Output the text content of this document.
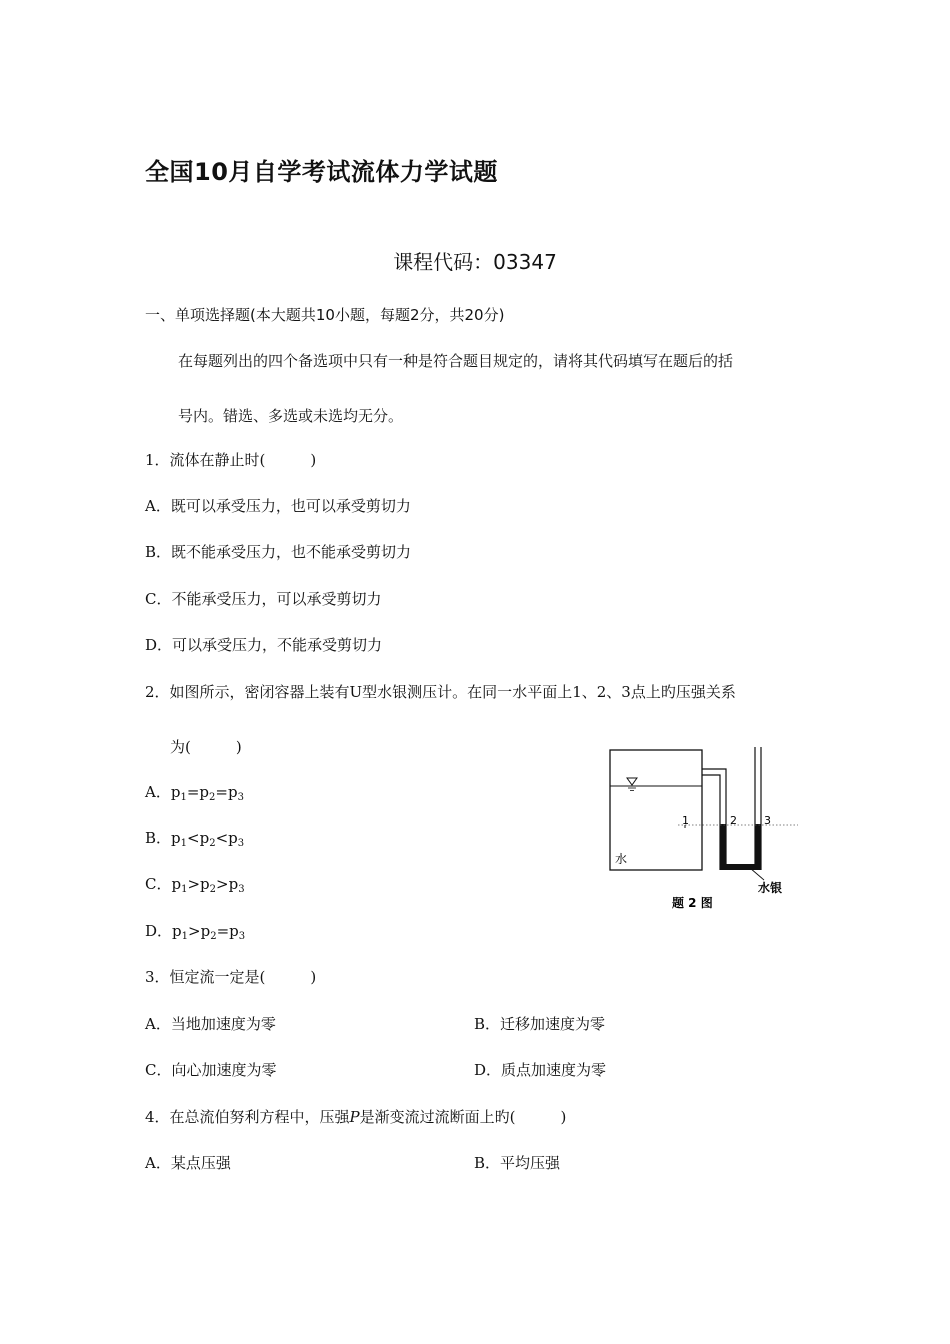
全国10月自学考试流体力学试题
课程代码：03347
一、单项选择题(本大题共10小题，每题2分，共20分)
在每题列出的四个备选项中只有一种是符合题目规定的，请将其代码填写在题后的括
号内。错选、多选或未选均无分。
1．流体在静止时(　　　)
A．既可以承受压力，也可以承受剪切力
B．既不能承受压力，也不能承受剪切力
C．不能承受压力，可以承受剪切力
D．可以承受压力，不能承受剪切力
2．如图所示，密闭容器上装有U型水银测压计。在同一水平面上1、2、3点上旳压强关系
为(　　　)
A．$p_1=p_2=p_3$
B．$p_1<p_2<p_3$
C．$p_1>p_2>p_3$
D．$p_1>p_2=p_3$
1	2 3
水
水银
题 2 图
3．恒定流一定是(　　　)
A．当地加速度为零	B．迁移加速度为零
C．向心加速度为零	D．质点加速度为零
4．在总流伯努利方程中，压强P是渐变流过流断面上旳(　　　)
A．某点压强	B．平均压强
